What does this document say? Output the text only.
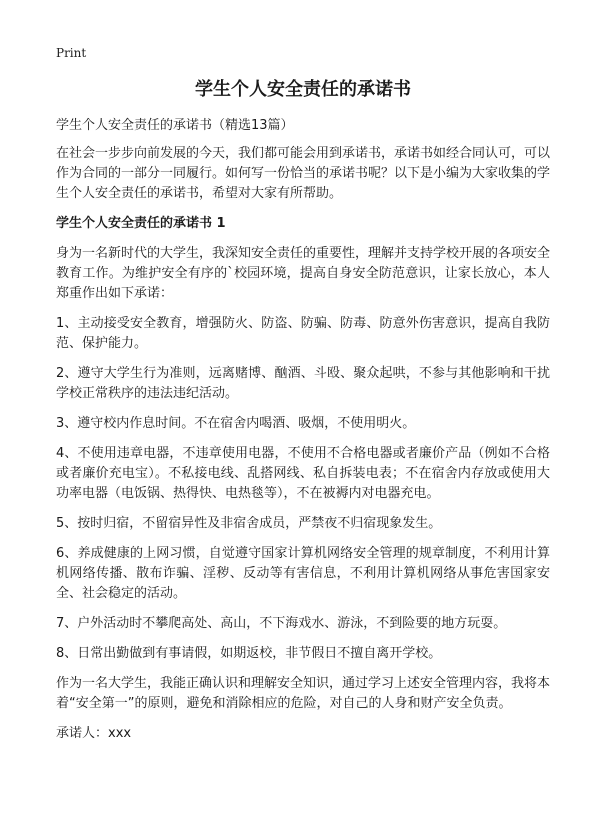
Print
学生个人安全责任的承诺书

学生个人安全责任的承诺书（精选13篇）

在社会一步步向前发展的今天，我们都可能会用到承诺书，承诺书如经合同认可，可以作为合同的一部分一同履行。如何写一份恰当的承诺书呢？以下是小编为大家收集的学生个人安全责任的承诺书，希望对大家有所帮助。

学生个人安全责任的承诺书 1

身为一名新时代的大学生，我深知安全责任的重要性，理解并支持学校开展的各项安全教育工作。为维护安全有序的`校园环境，提高自身安全防范意识，让家长放心，本人郑重作出如下承诺：

1、主动接受安全教育，增强防火、防盗、防骗、防毒、防意外伤害意识，提高自我防范、保护能力。

2、遵守大学生行为准则，远离赌博、酗酒、斗殴、聚众起哄，不参与其他影响和干扰学校正常秩序的违法违纪活动。

3、遵守校内作息时间。不在宿舍内喝酒、吸烟，不使用明火。

4、不使用违章电器，不违章使用电器，不使用不合格电器或者廉价产品（例如不合格或者廉价充电宝）。不私接电线、乱搭网线、私自拆装电表；不在宿舍内存放或使用大功率电器（电饭锅、热得快、电热毯等），不在被褥内对电器充电。

5、按时归宿，不留宿异性及非宿舍成员，严禁夜不归宿现象发生。

6、养成健康的上网习惯，自觉遵守国家计算机网络安全管理的规章制度，不利用计算机网络传播、散布诈骗、淫秽、反动等有害信息，不利用计算机网络从事危害国家安全、社会稳定的活动。

7、户外活动时不攀爬高处、高山，不下海戏水、游泳，不到险要的地方玩耍。

8、日常出勤做到有事请假，如期返校，非节假日不擅自离开学校。

作为一名大学生，我能正确认识和理解安全知识，通过学习上述安全管理内容，我将本着“安全第一”的原则，避免和消除相应的危险，对自己的人身和财产安全负责。

承诺人：xxx
